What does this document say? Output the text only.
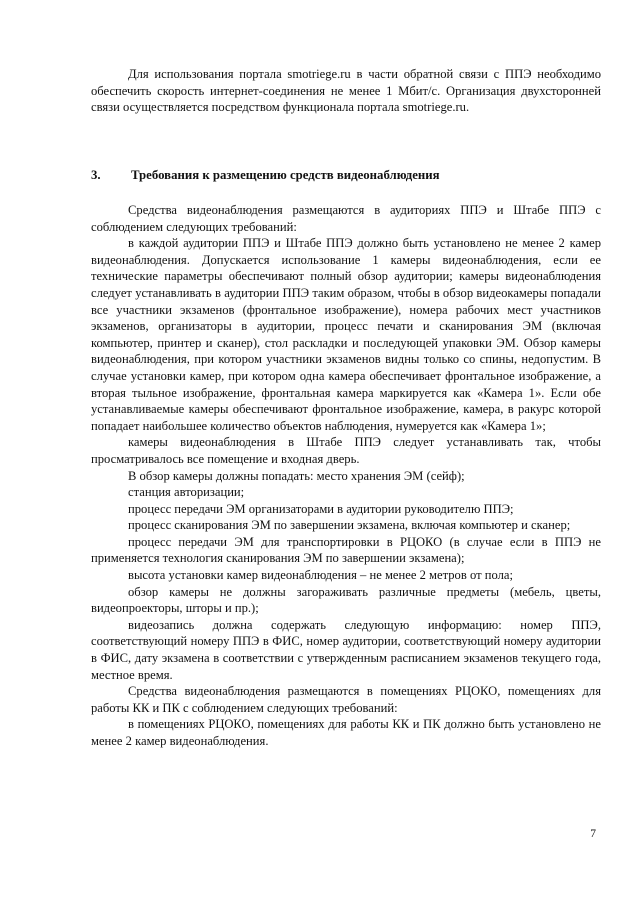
Для использования портала smotriege.ru в части обратной связи с ППЭ необходимо обеспечить скорость интернет-соединения не менее 1 Мбит/с. Организация двухсторонней связи осуществляется посредством функционала портала smotriege.ru.

3. Требования к размещению средств видеонаблюдения

Средства видеонаблюдения размещаются в аудиториях ППЭ и Штабе ППЭ с соблюдением следующих требований:

в каждой аудитории ППЭ и Штабе ППЭ должно быть установлено не менее 2 камер видеонаблюдения. Допускается использование 1 камеры видеонаблюдения, если ее технические параметры обеспечивают полный обзор аудитории; камеры видеонаблюдения следует устанавливать в аудитории ППЭ таким образом, чтобы в обзор видеокамеры попадали все участники экзаменов (фронтальное изображение), номера рабочих мест участников экзаменов, организаторы в аудитории, процесс печати и сканирования ЭМ (включая компьютер, принтер и сканер), стол раскладки и последующей упаковки ЭМ. Обзор камеры видеонаблюдения, при котором участники экзаменов видны только со спины, недопустим. В случае установки камер, при котором одна камера обеспечивает фронтальное изображение, а вторая тыльное изображение, фронтальная камера маркируется как «Камера 1». Если обе устанавливаемые камеры обеспечивают фронтальное изображение, камера, в ракурс которой попадает наибольшее количество объектов наблюдения, нумеруется как «Камера 1»;

камеры видеонаблюдения в Штабе ППЭ следует устанавливать так, чтобы просматривалось все помещение и входная дверь.

В обзор камеры должны попадать: место хранения ЭМ (сейф);

станция авторизации;

процесс передачи ЭМ организаторами в аудитории руководителю ППЭ;

процесс сканирования ЭМ по завершении экзамена, включая компьютер и сканер;

процесс передачи ЭМ для транспортировки в РЦОКО (в случае если в ППЭ не применяется технология сканирования ЭМ по завершении экзамена);

высота установки камер видеонаблюдения – не менее 2 метров от пола;

обзор камеры не должны загораживать различные предметы (мебель, цветы, видеопроекторы, шторы и пр.);

видеозапись должна содержать следующую информацию: номер ППЭ, соответствующий номеру ППЭ в ФИС, номер аудитории, соответствующий номеру аудитории в ФИС, дату экзамена в соответствии с утвержденным расписанием экзаменов текущего года, местное время.

Средства видеонаблюдения размещаются в помещениях РЦОКО, помещениях для работы КК и ПК с соблюдением следующих требований:

в помещениях РЦОКО, помещениях для работы КК и ПК должно быть установлено не менее 2 камер видеонаблюдения.

7
